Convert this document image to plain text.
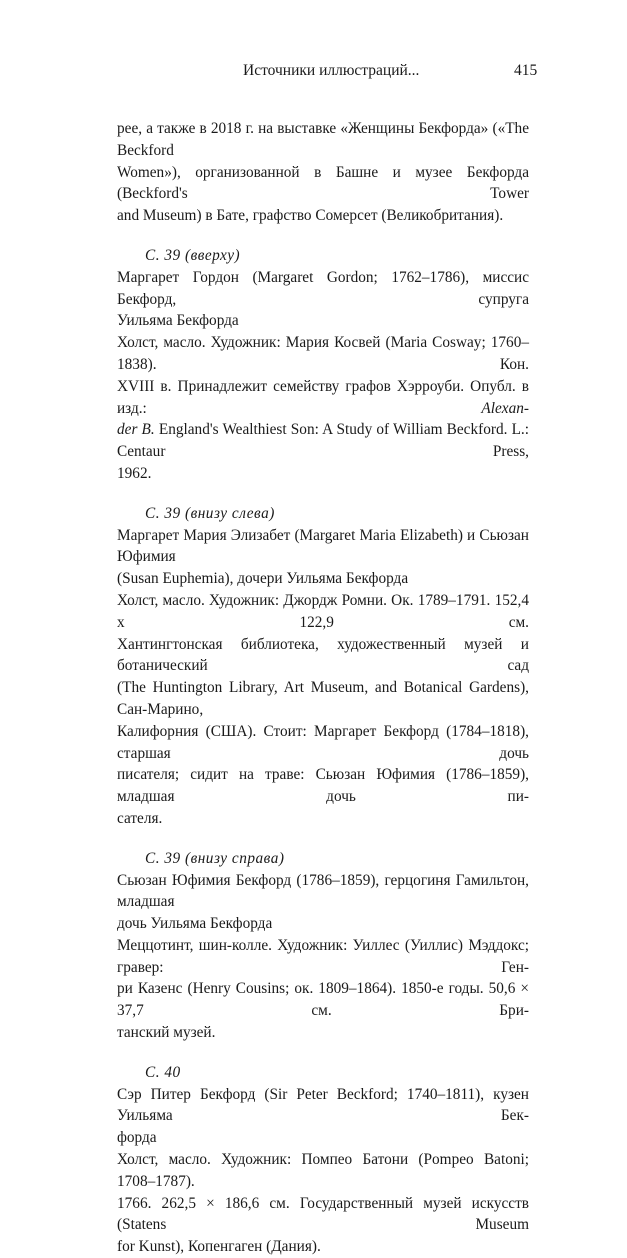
Источники иллюстраций...	415

рее, а также в 2018 г. на выставке «Женщины Бекфорда» («The Beckford
Women»), организованной в Башне и музее Бекфорда (Beckford's Tower
and Museum) в Бате, графство Сомерсет (Великобритания).

С. 39 (вверху)

Маргарет Гордон (Margaret Gordon; 1762–1786), миссис Бекфорд, супруга
Уильяма Бекфорда

Холст, масло. Художник: Мария Косвей (Maria Cosway; 1760–1838). Кон.
XVIII в. Принадлежит семейству графов Хэрроуби. Опубл. в изд.:	Alexan-
der B. England's Wealthiest Son: A Study of William Beckford. L.: Centaur Press,
1962.

С. 39 (внизу слева)

Маргарет Мария Элизабет (Margaret Maria Elizabeth) и Сьюзан Юфимия
(Susan Euphemia), дочери Уильяма Бекфорда

Холст, масло. Художник: Джордж Ромни. Ок. 1789–1791. 152,4 х 122,9 см.
Хантингтонская библиотека, художественный музей и ботанический сад
(The Huntington Library, Art Museum, and Botanical Gardens), Сан-Марино,
Калифорния (США). Стоит: Маргарет Бекфорд (1784–1818), старшая дочь
писателя; сидит на траве: Сьюзан Юфимия (1786–1859), младшая дочь пи-
сателя.

С. 39 (внизу справа)

Сьюзан Юфимия Бекфорд (1786–1859), герцогиня Гамильтон, младшая
дочь Уильяма Бекфорда

Меццотинт, шин-колле. Художник: Уиллес (Уиллис) Мэддокс; гравер: Ген-
ри Казенс (Henry Cousins; ок. 1809–1864). 1850-е годы. 50,6 × 37,7 см. Бри-
танский музей.

С. 40

Сэр Питер Бекфорд (Sir Peter Beckford; 1740–1811), кузен Уильяма Бек-
форда

Холст, масло. Художник: Помпео Батони (Pompeo Batoni; 1708–1787).
1766. 262,5 × 186,6 см. Государственный музей искусств (Statens Museum
for Kunst), Копенгаген (Дания).
